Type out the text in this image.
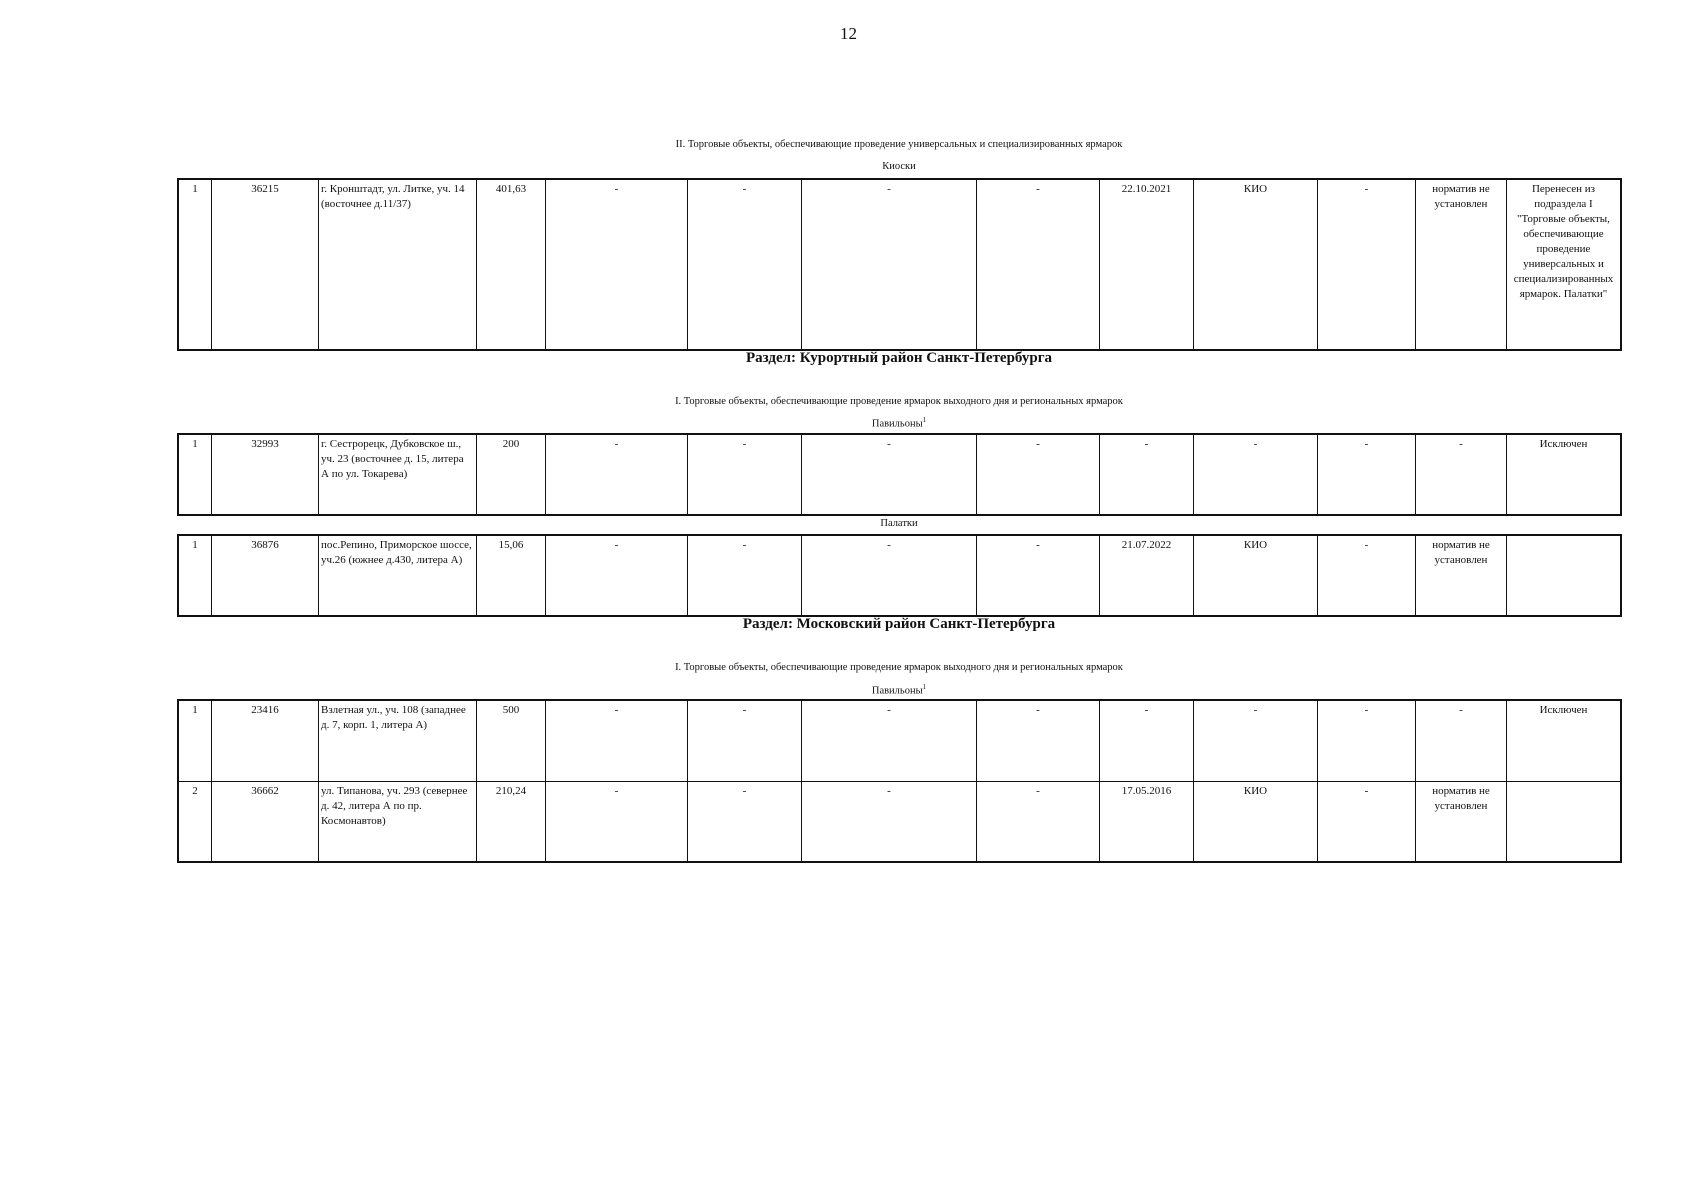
12
II. Торговые объекты, обеспечивающие проведение универсальных и специализированных ярмарок
Киоски
1	36215	г. Кронштадт, ул. Литке, уч. 14 (восточнее д.11/37)	401,63	-	-	-	-	22.10.2021	КИО	-	норматив не установлен	Перенесен из подраздела I "Торговые объекты, обеспечивающие проведение универсальных и специализированных ярмарок. Палатки"
Раздел: Курортный район Санкт-Петербурга
I. Торговые объекты, обеспечивающие проведение ярмарок выходного дня и региональных ярмарок
Павильоны$^1$
1	32993	г. Сестрорецк, Дубковское ш., уч. 23 (восточнее д. 15, литера А по ул. Токарева)	200	-	-	-	-	-	-	-	-	Исключен
Палатки
1	36876	пос.Репино, Приморское шоссе, уч.26 (южнее д.430, литера А)	15,06	-	-	-	-	21.07.2022	КИО	-	норматив не установлен	
Раздел: Московский район Санкт-Петербурга
I. Торговые объекты, обеспечивающие проведение ярмарок выходного дня и региональных ярмарок
Павильоны$^1$
1	23416	Взлетная ул., уч. 108 (западнее д. 7, корп. 1, литера А)	500	-	-	-	-	-	-	-	-	Исключен
2	36662	ул. Типанова, уч. 293 (севернее д. 42, литера А по пр. Космонавтов)	210,24	-	-	-	-	17.05.2016	КИО	-	норматив не установлен	
